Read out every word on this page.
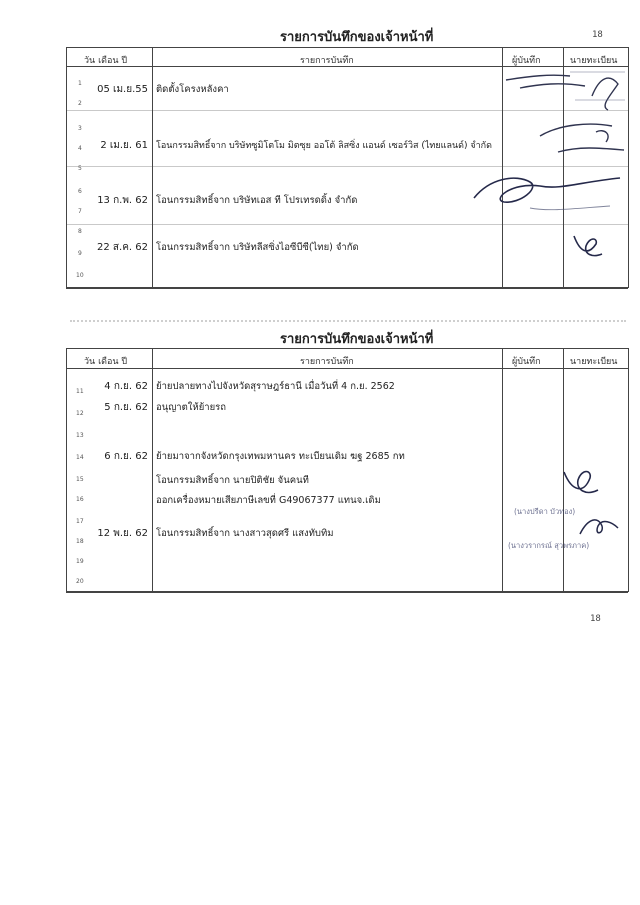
รายการบันทึกของเจ้าหน้าที่	18
วัน เดือน ปี	รายการบันทึก	ผู้บันทึก	นายทะเบียน
1
2
3
4
5
6
7
8
9
10
05 เม.ย.55 ติดตั้งโครงหลังคา
2 เม.ย. 61 โอนกรรมสิทธิ์จาก บริษัทซูมิโตโม มิตซุย ออโต้ ลิสซิ่ง แอนด์ เซอร์วิส (ไทยแลนด์) จำกัด
13 ก.พ. 62 โอนกรรมสิทธิ์จาก บริษัทเอส ที โปรเทรดดิ้ง จำกัด
22 ส.ค. 62 โอนกรรมสิทธิ์จาก บริษัทลีสซิ่งไอซีบีซี(ไทย) จำกัด
รายการบันทึกของเจ้าหน้าที่
วัน เดือน ปี	รายการบันทึก	ผู้บันทึก	นายทะเบียน
11
12
13
14
15
16
17
18
19
20
4 ก.ย. 62 ย้ายปลายทางไปจังหวัดสุราษฎร์ธานี เมื่อวันที่ 4 ก.ย. 2562
5 ก.ย. 62 อนุญาตให้ย้ายรถ
6 ก.ย. 62 ย้ายมาจากจังหวัดกรุงเทพมหานคร ทะเบียนเดิม ฆฐ 2685 กท
โอนกรรมสิทธิ์จาก นายปิติชัย จันคนที
ออกเครื่องหมายเสียภาษีเลขที่ G49067377 แทนจ.เดิม
12 พ.ย. 62 โอนกรรมสิทธิ์จาก นางสาวสุดศรี แสงทับทิม
(นางปรีดา บัวทอง)
(นางวรากรณ์ สุวพรภาค)
18
